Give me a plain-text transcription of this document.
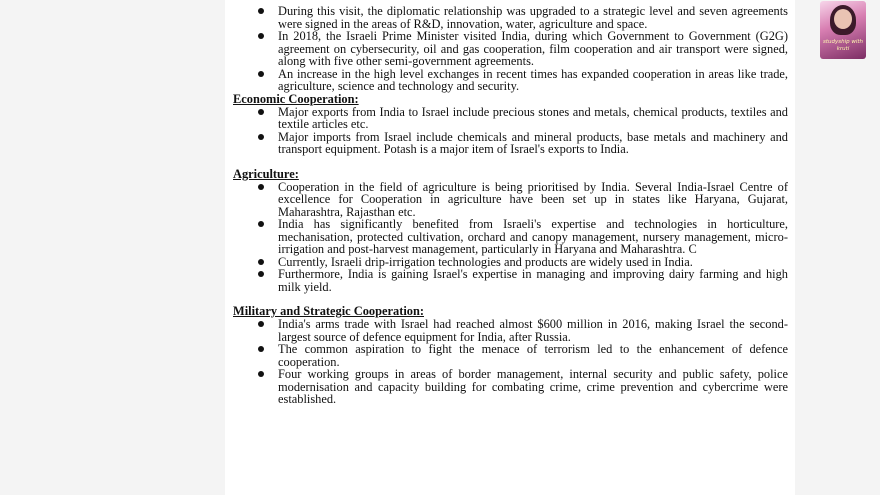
During this visit, the diplomatic relationship was upgraded to a strategic level and seven agreements were signed in the areas of R&D, innovation, water, agriculture and space.
In 2018, the Israeli Prime Minister visited India, during which Government to Government (G2G) agreement on cybersecurity, oil and gas cooperation, film cooperation and air transport were signed, along with five other semi-government agreements.
An increase in the high level exchanges in recent times has expanded cooperation in areas like trade, agriculture, science and technology and security.
Economic Cooperation:
Major exports from India to Israel include precious stones and metals, chemical products, textiles and textile articles etc.
Major imports from Israel include chemicals and mineral products, base metals and machinery and transport equipment. Potash is a major item of Israel's exports to India.
Agriculture:
Cooperation in the field of agriculture is being prioritised by India. Several India-Israel Centre of excellence for Cooperation in agriculture have been set up in states like Haryana, Gujarat, Maharashtra, Rajasthan etc.
India has significantly benefited from Israeli's expertise and technologies in horticulture, mechanisation, protected cultivation, orchard and canopy management, nursery management, micro-irrigation and post-harvest management, particularly in Haryana and Maharashtra. C
Currently, Israeli drip-irrigation technologies and products are widely used in India.
Furthermore, India is gaining Israel's expertise in managing and improving dairy farming and high milk yield.
Military and Strategic Cooperation:
India's arms trade with Israel had reached almost $600 million in 2016, making Israel the second-largest source of defence equipment for India, after Russia.
The common aspiration to fight the menace of terrorism led to the enhancement of defence cooperation.
Four working groups in areas of border management, internal security and public safety, police modernisation and capacity building for combating crime, crime prevention and cybercrime were established.
studyship with kruti
